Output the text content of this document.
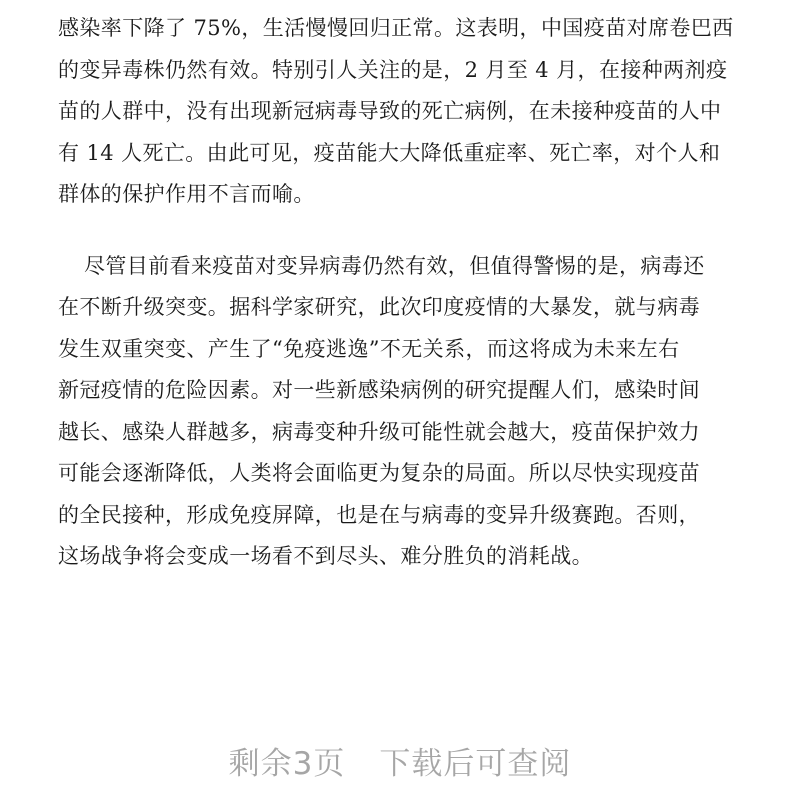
感染率下降了 75%，生活慢慢回归正常。这表明，中国疫苗对席卷巴西
的变异毒株仍然有效。特别引人关注的是，2 月至 4 月，在接种两剂疫
苗的人群中，没有出现新冠病毒导致的死亡病例，在未接种疫苗的人中
有 14 人死亡。由此可见，疫苗能大大降低重症率、死亡率，对个人和
群体的保护作用不言而喻。
尽管目前看来疫苗对变异病毒仍然有效，但值得警惕的是，病毒还
在不断升级突变。据科学家研究，此次印度疫情的大暴发，就与病毒
发生双重突变、产生了“免疫逃逸”不无关系，而这将成为未来左右
新冠疫情的危险因素。对一些新感染病例的研究提醒人们，感染时间
越长、感染人群越多，病毒变种升级可能性就会越大，疫苗保护效力
可能会逐渐降低，人类将会面临更为复杂的局面。所以尽快实现疫苗
的全民接种，形成免疫屏障，也是在与病毒的变异升级赛跑。否则，
这场战争将会变成一场看不到尽头、难分胜负的消耗战。
剩余3页 下载后可查阅
